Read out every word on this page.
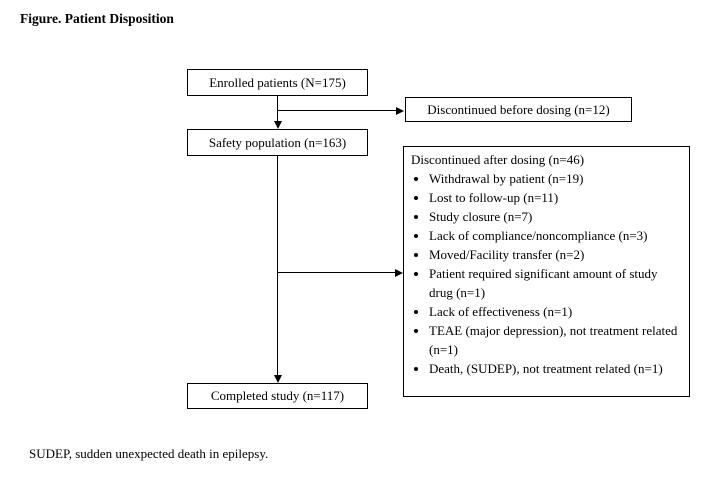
Figure. Patient Disposition
Enrolled patients (N=175)
Discontinued before dosing (n=12)
Safety population (n=163)
Discontinued after dosing (n=46)
• Withdrawal by patient (n=19)
• Lost to follow-up (n=11)
• Study closure (n=7)
• Lack of compliance/noncompliance (n=3)
• Moved/Facility transfer (n=2)
• Patient required significant amount of study drug (n=1)
• Lack of effectiveness (n=1)
• TEAE (major depression), not treatment related (n=1)
• Death, (SUDEP), not treatment related (n=1)
Completed study (n=117)
SUDEP, sudden unexpected death in epilepsy.
